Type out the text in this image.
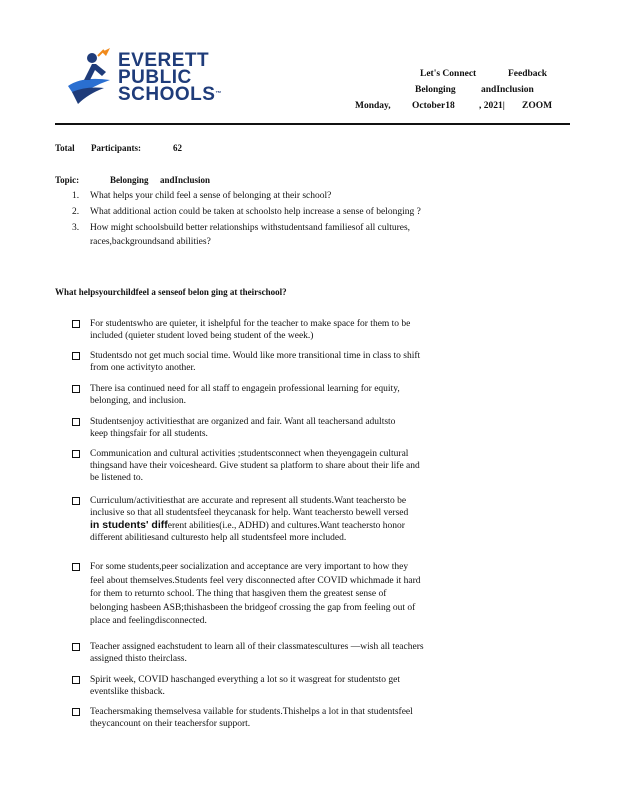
EVERETT
PUBLIC
SCHOOLS™
Let's Connect	Feedback
Belonging	andInclusion
Monday, October18	, 2021| ZOOM
Total Participants:	62
Topic:	Belonging andInclusion
1. What helps your child feel a sense of belonging at their school?
2. What additional action could be taken at schoolsto help increase a sense of belonging ?
3. How might schoolsbuild better relationships withstudentsand familiesof all cultures,
races,backgroundsand abilities?
What helpsyourchildfeel a senseof belon ging at theirschool?
For studentswho are quieter, it ishelpful for the teacher to make space for them to be
included (quieter student loved being student of the week.)
Studentsdo not get much social time. Would like more transitional time in class to shift
from one activityto another.
There isa continued need for all staff to engagein professional learning for equity,
belonging, and inclusion.
Studentsenjoy activitiesthat are organized and fair. Want all teachersand adultsto
keep thingsfair for all students.
Communication and cultural activities ;studentsconnect when theyengagein cultural
thingsand have their voicesheard. Give student sa platform to share about their life and
be listened to.
Curriculum/activitiesthat are accurate and represent all students.Want teachersto be
inclusive so that all studentsfeel theycanask for help. Want teachersto bewell versed
in students' different abilities(i.e., ADHD) and cultures.Want teachersto honor
different abilitiesand culturesto help all studentsfeel more included.
For some students,peer socialization and acceptance are very important to how they
feel about themselves.Students feel very disconnected after COVID whichmade it hard
for them to returnto school. The thing that hasgiven them the greatest sense of
belonging hasbeen ASB;thishasbeen the bridgeof crossing the gap from feeling out of
place and feelingdisconnected.
Teacher assigned eachstudent to learn all of their classmatescultures —wish all teachers
assigned thisto theirclass.
Spirit week, COVID haschanged everything a lot so it wasgreat for studentsto get
eventslike thisback.
Teachersmaking themselvesa vailable for students.Thishelps a lot in that studentsfeel
theycancount on their teachersfor support.
